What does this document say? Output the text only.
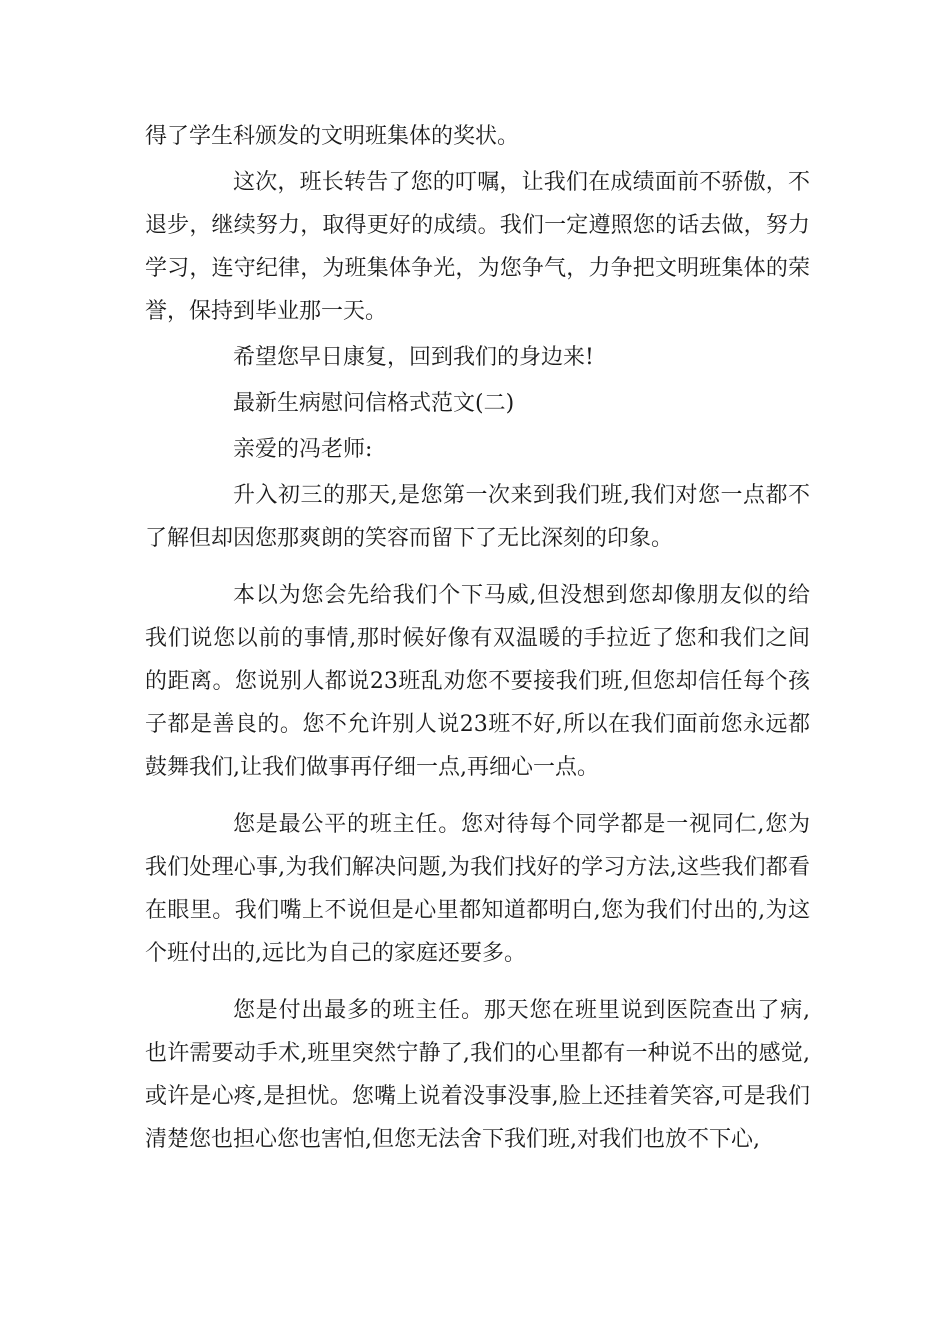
得了学生科颁发的文明班集体的奖状。

这次，班长转告了您的叮嘱，让我们在成绩面前不骄傲，不退步，继续努力，取得更好的成绩。我们一定遵照您的话去做，努力学习，连守纪律，为班集体争光，为您争气，力争把文明班集体的荣誉，保持到毕业那一天。

希望您早日康复，回到我们的身边来!

最新生病慰问信格式范文(二)

亲爱的冯老师:

升入初三的那天,是您第一次来到我们班,我们对您一点都不了解但却因您那爽朗的笑容而留下了无比深刻的印象。

本以为您会先给我们个下马威,但没想到您却像朋友似的给我们说您以前的事情,那时候好像有双温暖的手拉近了您和我们之间的距离。您说别人都说23班乱劝您不要接我们班,但您却信任每个孩子都是善良的。您不允许别人说23班不好,所以在我们面前您永远都鼓舞我们,让我们做事再仔细一点,再细心一点。

您是最公平的班主任。您对待每个同学都是一视同仁,您为我们处理心事,为我们解决问题,为我们找好的学习方法,这些我们都看在眼里。我们嘴上不说但是心里都知道都明白,您为我们付出的,为这个班付出的,远比为自己的家庭还要多。

您是付出最多的班主任。那天您在班里说到医院查出了病,也许需要动手术,班里突然宁静了,我们的心里都有一种说不出的感觉,或许是心疼,是担忧。您嘴上说着没事没事,脸上还挂着笑容,可是我们清楚您也担心您也害怕,但您无法舍下我们班,对我们也放不下心,
